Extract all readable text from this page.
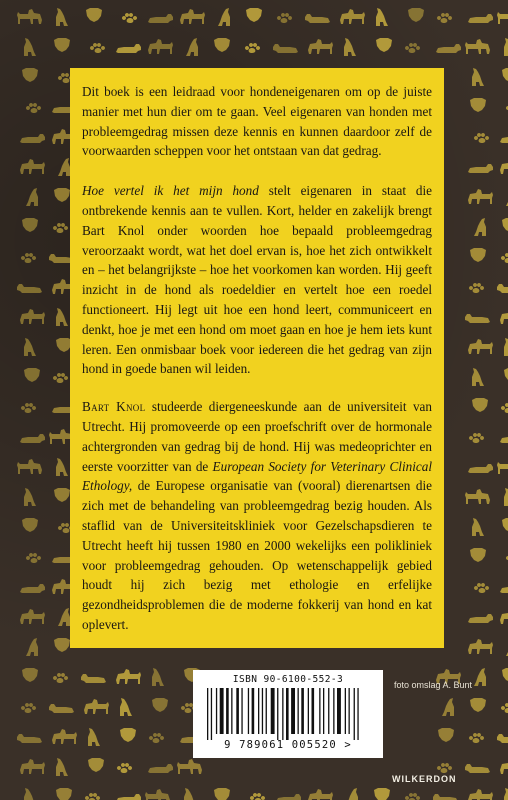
Dit boek is een leidraad voor hondeneigenaren om op de juiste manier met hun dier om te gaan. Veel eigenaren van honden met probleemgedrag missen deze kennis en kunnen daardoor zelf de voorwaarden scheppen voor het ontstaan van dat gedrag.

Hoe vertel ik het mijn hond stelt eigenaren in staat die ontbrekende kennis aan te vullen. Kort, helder en zakelijk brengt Bart Knol onder woorden hoe bepaald probleemgedrag veroorzaakt wordt, wat het doel ervan is, hoe het zich ontwikkelt en – het belangrijkste – hoe het voorkomen kan worden. Hij geeft inzicht in de hond als roedeldier en vertelt hoe een roedel functioneert. Hij legt uit hoe een hond leert, communiceert en denkt, hoe je met een hond om moet gaan en hoe je hem iets kunt leren. Een onmisbaar boek voor iedereen die het gedrag van zijn hond in goede banen wil leiden.

Bart Knol studeerde diergeneeskunde aan de universiteit van Utrecht. Hij promoveerde op een proefschrift over de hormonale achtergronden van gedrag bij de hond. Hij was medeoprichter en eerste voorzitter van de European Society for Veterinary Clinical Ethology, de Europese organisatie van (vooral) dierenartsen die zich met de behandeling van probleemgedrag bezig houden. Als staflid van de Universiteitskliniek voor Gezelschapsdieren te Utrecht heeft hij tussen 1980 en 2000 wekelijks een polikliniek voor probleemgedrag gehouden. Op wetenschappelijk gebied houdt hij zich bezig met ethologie en erfelijke gezondheidsproblemen die de moderne fokkerij van hond en kat oplevert.

ISBN 90-6100-552-3
9 789061 005520 >
foto omslag A. Bunt
WILKERDON
